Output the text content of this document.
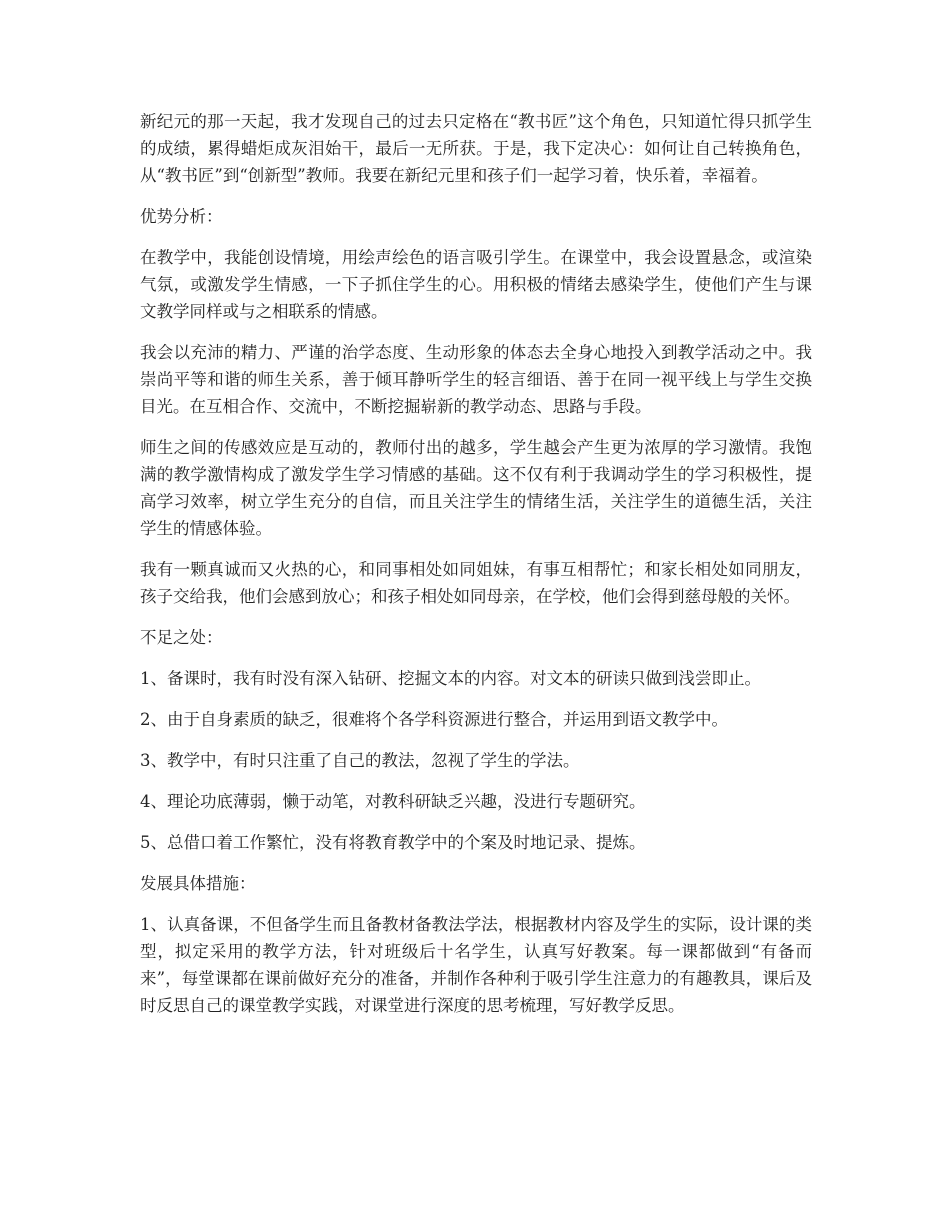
新纪元的那一天起，我才发现自己的过去只定格在“教书匠”这个角色，只知道忙得只抓学生的成绩，累得蜡炬成灰泪始干，最后一无所获。于是，我下定决心：如何让自己转换角色，从“教书匠”到“创新型”教师。我要在新纪元里和孩子们一起学习着，快乐着，幸福着。

优势分析：

在教学中，我能创设情境，用绘声绘色的语言吸引学生。在课堂中，我会设置悬念，或渲染气氛，或激发学生情感，一下子抓住学生的心。用积极的情绪去感染学生，使他们产生与课文教学同样或与之相联系的情感。

我会以充沛的精力、严谨的治学态度、生动形象的体态去全身心地投入到教学活动之中。我崇尚平等和谐的师生关系，善于倾耳静听学生的轻言细语、善于在同一视平线上与学生交换目光。在互相合作、交流中，不断挖掘崭新的教学动态、思路与手段。

师生之间的传感效应是互动的，教师付出的越多，学生越会产生更为浓厚的学习激情。我饱满的教学激情构成了激发学生学习情感的基础。这不仅有利于我调动学生的学习积极性，提高学习效率，树立学生充分的自信，而且关注学生的情绪生活，关注学生的道德生活，关注学生的情感体验。

我有一颗真诚而又火热的心，和同事相处如同姐妹，有事互相帮忙；和家长相处如同朋友，孩子交给我，他们会感到放心；和孩子相处如同母亲，在学校，他们会得到慈母般的关怀。

不足之处：

1、备课时，我有时没有深入钻研、挖掘文本的内容。对文本的研读只做到浅尝即止。

2、由于自身素质的缺乏，很难将个各学科资源进行整合，并运用到语文教学中。

3、教学中，有时只注重了自己的教法，忽视了学生的学法。

4、理论功底薄弱，懒于动笔，对教科研缺乏兴趣，没进行专题研究。

5、总借口着工作繁忙，没有将教育教学中的个案及时地记录、提炼。

发展具体措施：

1、认真备课，不但备学生而且备教材备教法学法，根据教材内容及学生的实际，设计课的类型，拟定采用的教学方法，针对班级后十名学生，认真写好教案。每一课都做到“有备而来”，每堂课都在课前做好充分的准备，并制作各种利于吸引学生注意力的有趣教具，课后及时反思自己的课堂教学实践，对课堂进行深度的思考梳理，写好教学反思。
